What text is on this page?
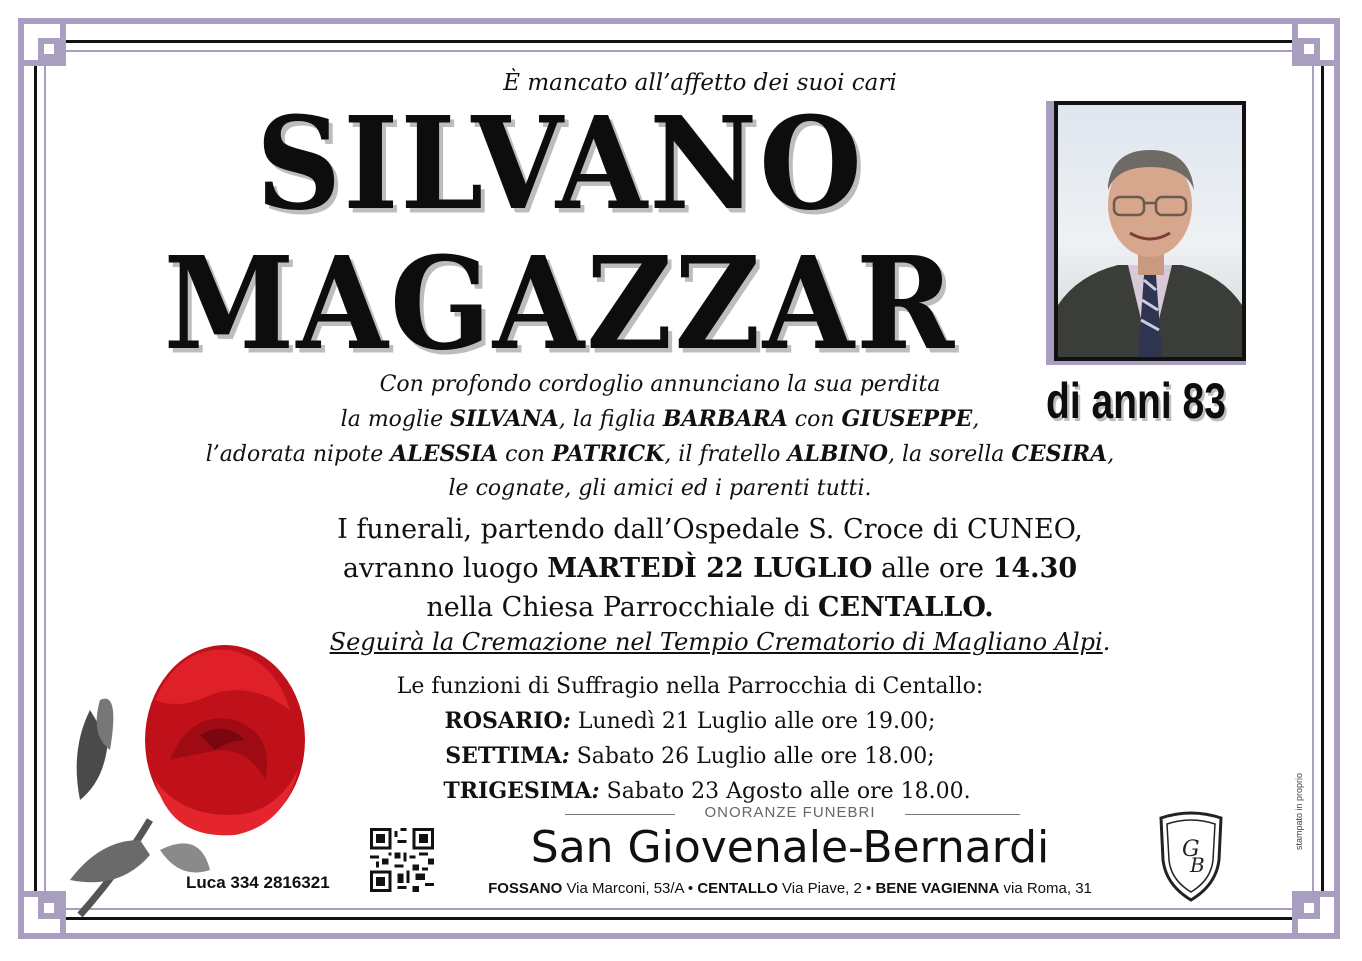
È mancato all’affetto dei suoi cari
SILVANO
MAGAZZAR
di anni 83
Con profondo cordoglio annunciano la sua perdita
la moglie SILVANA, la figlia BARBARA con GIUSEPPE,
l’adorata nipote ALESSIA con PATRICK, il fratello ALBINO, la sorella CESIRA,
le cognate, gli amici ed i parenti tutti.
I funerali, partendo dall’Ospedale S. Croce di CUNEO,
avranno luogo MARTEDÌ 22 LUGLIO alle ore 14.30
nella Chiesa Parrocchiale di CENTALLO.
Seguirà la Cremazione nel Tempio Crematorio di Magliano Alpi.
Le funzioni di Suffragio nella Parrocchia di Centallo:
ROSARIO: Lunedì 21 Luglio alle ore 19.00;
SETTIMA: Sabato 26 Luglio alle ore 18.00;
TRIGESIMA: Sabato 23 Agosto alle ore 18.00.
Luca 334 2816321
ONORANZE FUNEBRI
San Giovenale-Bernardi
FOSSANO Via Marconi, 53/A • CENTALLO Via Piave, 2 • BENE VAGIENNA via Roma, 31
G
B
stampato in proprio
